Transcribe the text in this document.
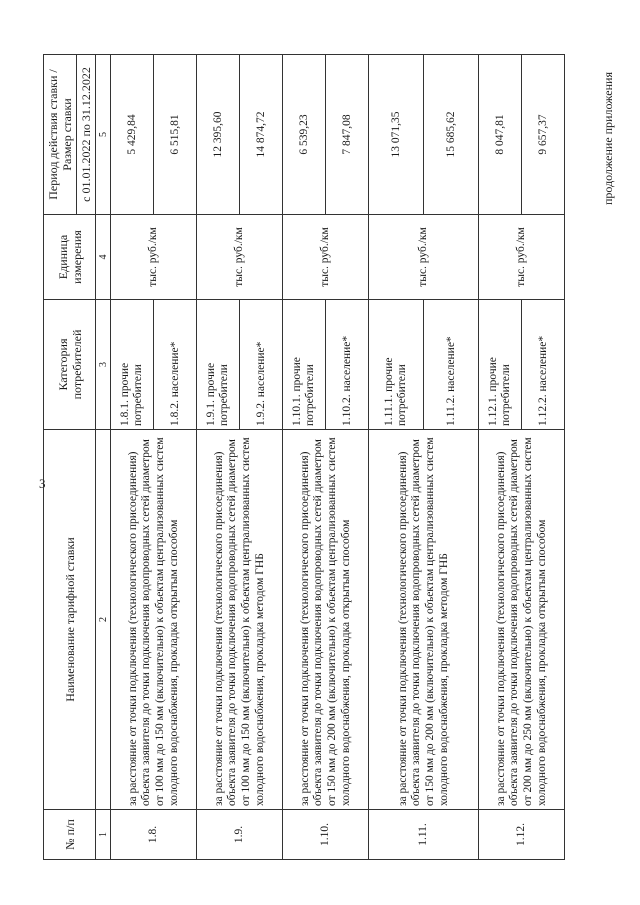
3
продолжение приложения
№ п/п	Наименование тарифной ставки	Категория потребителей	Единица измерения	Период действия ставки /Размер ставки
				с 01.01.2022 по 31.12.2022
1	2	3	4	5
1.8.	за расстояние от точки подключения (технологического присоединения) объекта заявителя до точки подключения водопроводных сетей диаметром от 100 мм до 150 мм (включительно) к объектам централизованных систем холодного водоснабжения, прокладка открытым способом	1.8.1. прочие потребители	тыс. руб./км	5 429,84
		1.8.2. население*		6 515,81
1.9.	за расстояние от точки подключения (технологического присоединения) объекта заявителя до точки подключения водопроводных сетей диаметром от 100 мм до 150 мм (включительно) к объектам централизованных систем холодного водоснабжения, прокладка методом ГНБ	1.9.1. прочие потребители	тыс. руб./км	12 395,60
		1.9.2. население*		14 874,72
1.10.	за расстояние от точки подключения (технологического присоединения) объекта заявителя до точки подключения водопроводных сетей диаметром от 150 мм до 200 мм (включительно) к объектам централизованных систем холодного водоснабжения, прокладка открытым способом	1.10.1. прочие потребители	тыс. руб./км	6 539,23
		1.10.2. население*		7 847,08
1.11.	за расстояние от точки подключения (технологического присоединения) объекта заявителя до точки подключения водопроводных сетей диаметром от 150 мм до 200 мм (включительно) к объектам централизованных систем холодного водоснабжения, прокладка методом ГНБ	1.11.1. прочие потребители	тыс. руб./км	13 071,35
		1.11.2. население*		15 685,62
1.12.	за расстояние от точки подключения (технологического присоединения) объекта заявителя до точки подключения водопроводных сетей диаметром от 200 мм до 250 мм (включительно) к объектам централизованных систем холодного водоснабжения, прокладка открытым способом	1.12.1. прочие потребители	тыс. руб./км	8 047,81
		1.12.2. население*		9 657,37
